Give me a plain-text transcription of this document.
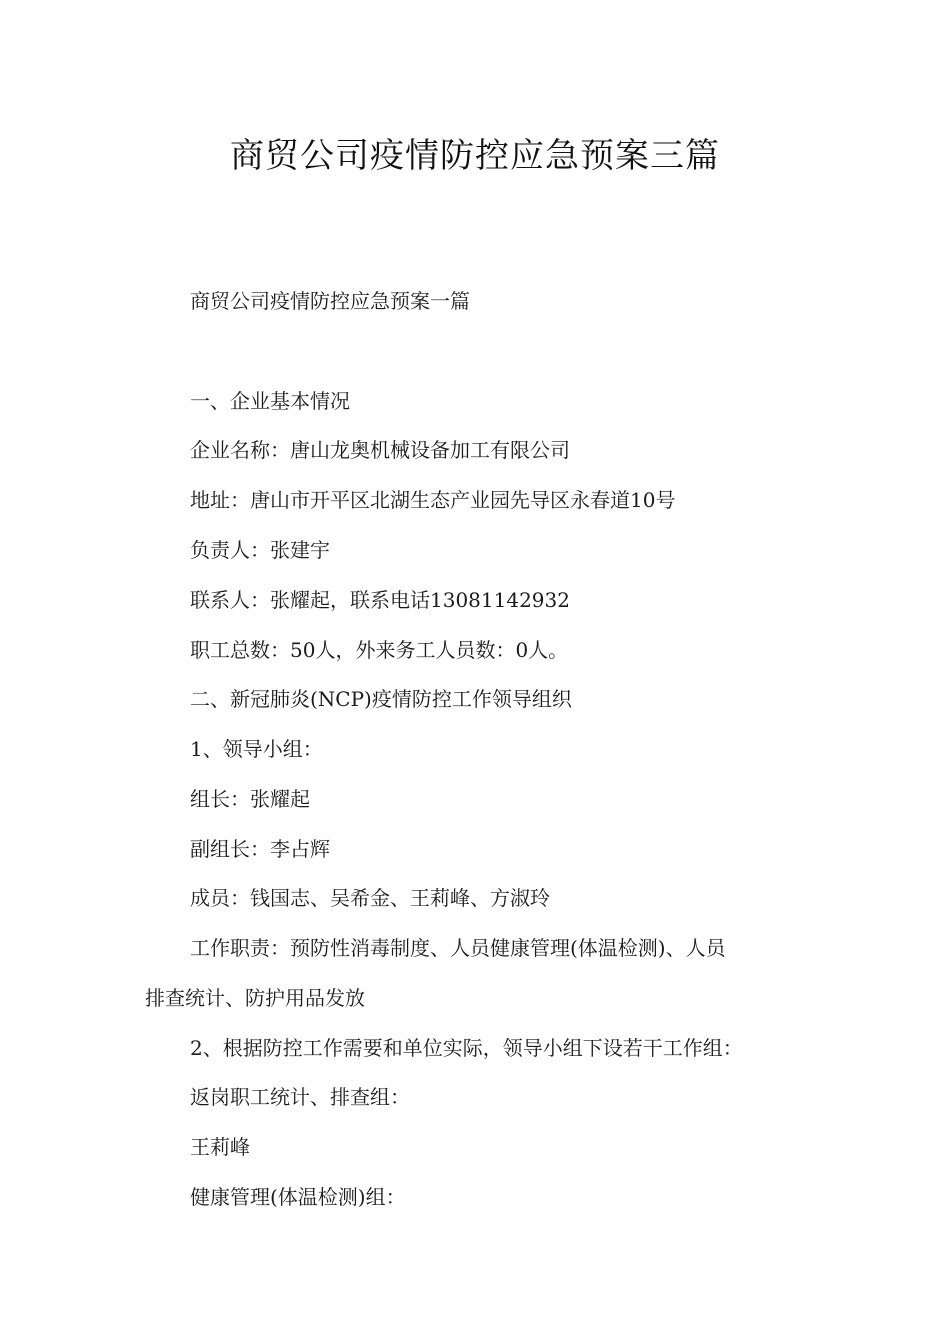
商贸公司疫情防控应急预案三篇

商贸公司疫情防控应急预案一篇

一、企业基本情况

企业名称：唐山龙奥机械设备加工有限公司

地址：唐山市开平区北湖生态产业园先导区永春道10号

负责人：张建宇

联系人：张耀起，联系电话13081142932

职工总数：50人，外来务工人员数：0人。

二、新冠肺炎(NCP)疫情防控工作领导组织

1、领导小组：

组长：张耀起

副组长：李占辉

成员：钱国志、吴希金、王莉峰、方淑玲

工作职责：预防性消毒制度、人员健康管理(体温检测)、人员

排查统计、防护用品发放

2、根据防控工作需要和单位实际，领导小组下设若干工作组：

返岗职工统计、排查组：

王莉峰

健康管理(体温检测)组：
